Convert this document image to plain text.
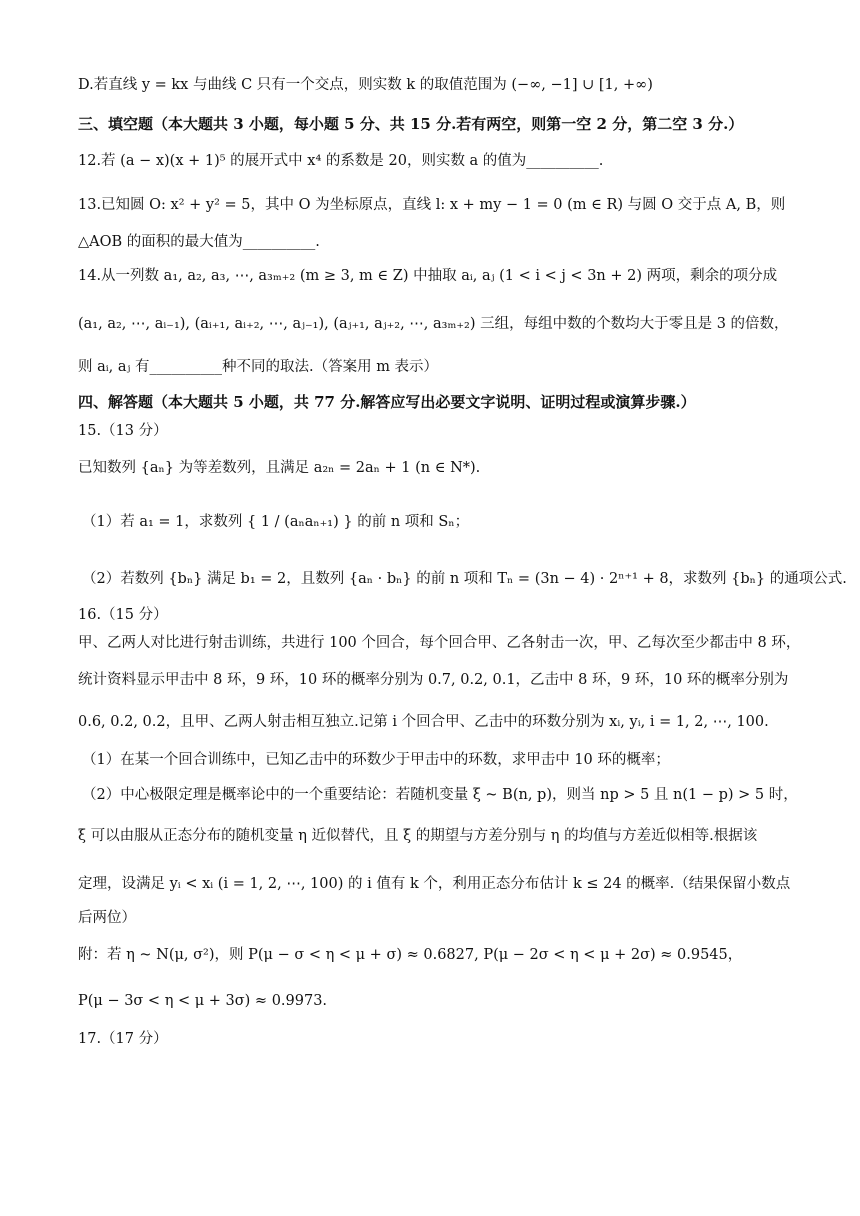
D.若直线 y = kx 与曲线 C 只有一个交点，则实数 k 的取值范围为 (−∞, −1] ∪ [1, +∞)
三、填空题（本大题共 3 小题，每小题 5 分、共 15 分.若有两空，则第一空 2 分，第二空 3 分.）
12.若 (a − x)(x + 1)⁵ 的展开式中 x⁴ 的系数是 20，则实数 a 的值为__________.
13.已知圆 O: x² + y² = 5，其中 O 为坐标原点，直线 l: x + my − 1 = 0 (m ∈ R) 与圆 O 交于点 A, B，则
△AOB 的面积的最大值为__________.
14.从一列数 a₁, a₂, a₃, ⋯, a₃ₘ₊₂ (m ≥ 3, m ∈ Z) 中抽取 aᵢ, aⱼ (1 < i < j < 3n + 2) 两项，剩余的项分成
(a₁, a₂, ⋯, aᵢ₋₁), (aᵢ₊₁, aᵢ₊₂, ⋯, aⱼ₋₁), (aⱼ₊₁, aⱼ₊₂, ⋯, a₃ₘ₊₂) 三组，每组中数的个数均大于零且是 3 的倍数，
则 aᵢ, aⱼ 有__________种不同的取法.（答案用 m 表示）
四、解答题（本大题共 5 小题，共 77 分.解答应写出必要文字说明、证明过程或演算步骤.）
15.（13 分）
已知数列 {aₙ} 为等差数列，且满足 a₂ₙ = 2aₙ + 1 (n ∈ N*).
（1）若 a₁ = 1，求数列 { 1 / (aₙaₙ₊₁) } 的前 n 项和 Sₙ；
（2）若数列 {bₙ} 满足 b₁ = 2，且数列 {aₙ · bₙ} 的前 n 项和 Tₙ = (3n − 4) · 2ⁿ⁺¹ + 8，求数列 {bₙ} 的通项公式.
16.（15 分）
甲、乙两人对比进行射击训练，共进行 100 个回合，每个回合甲、乙各射击一次，甲、乙每次至少都击中 8 环，
统计资料显示甲击中 8 环，9 环，10 环的概率分别为 0.7, 0.2, 0.1，乙击中 8 环，9 环，10 环的概率分别为
0.6, 0.2, 0.2，且甲、乙两人射击相互独立.记第 i 个回合甲、乙击中的环数分别为 xᵢ, yᵢ, i = 1, 2, ⋯, 100.
（1）在某一个回合训练中，已知乙击中的环数少于甲击中的环数，求甲击中 10 环的概率；
（2）中心极限定理是概率论中的一个重要结论：若随机变量 ξ ~ B(n, p)，则当 np > 5 且 n(1 − p) > 5 时，
ξ 可以由服从正态分布的随机变量 η 近似替代，且 ξ 的期望与方差分别与 η 的均值与方差近似相等.根据该
定理，设满足 yᵢ < xᵢ (i = 1, 2, ⋯, 100) 的 i 值有 k 个，利用正态分布估计 k ≤ 24 的概率.（结果保留小数点
后两位）
附：若 η ~ N(μ, σ²)，则 P(μ − σ < η < μ + σ) ≈ 0.6827, P(μ − 2σ < η < μ + 2σ) ≈ 0.9545，
P(μ − 3σ < η < μ + 3σ) ≈ 0.9973.
17.（17 分）
